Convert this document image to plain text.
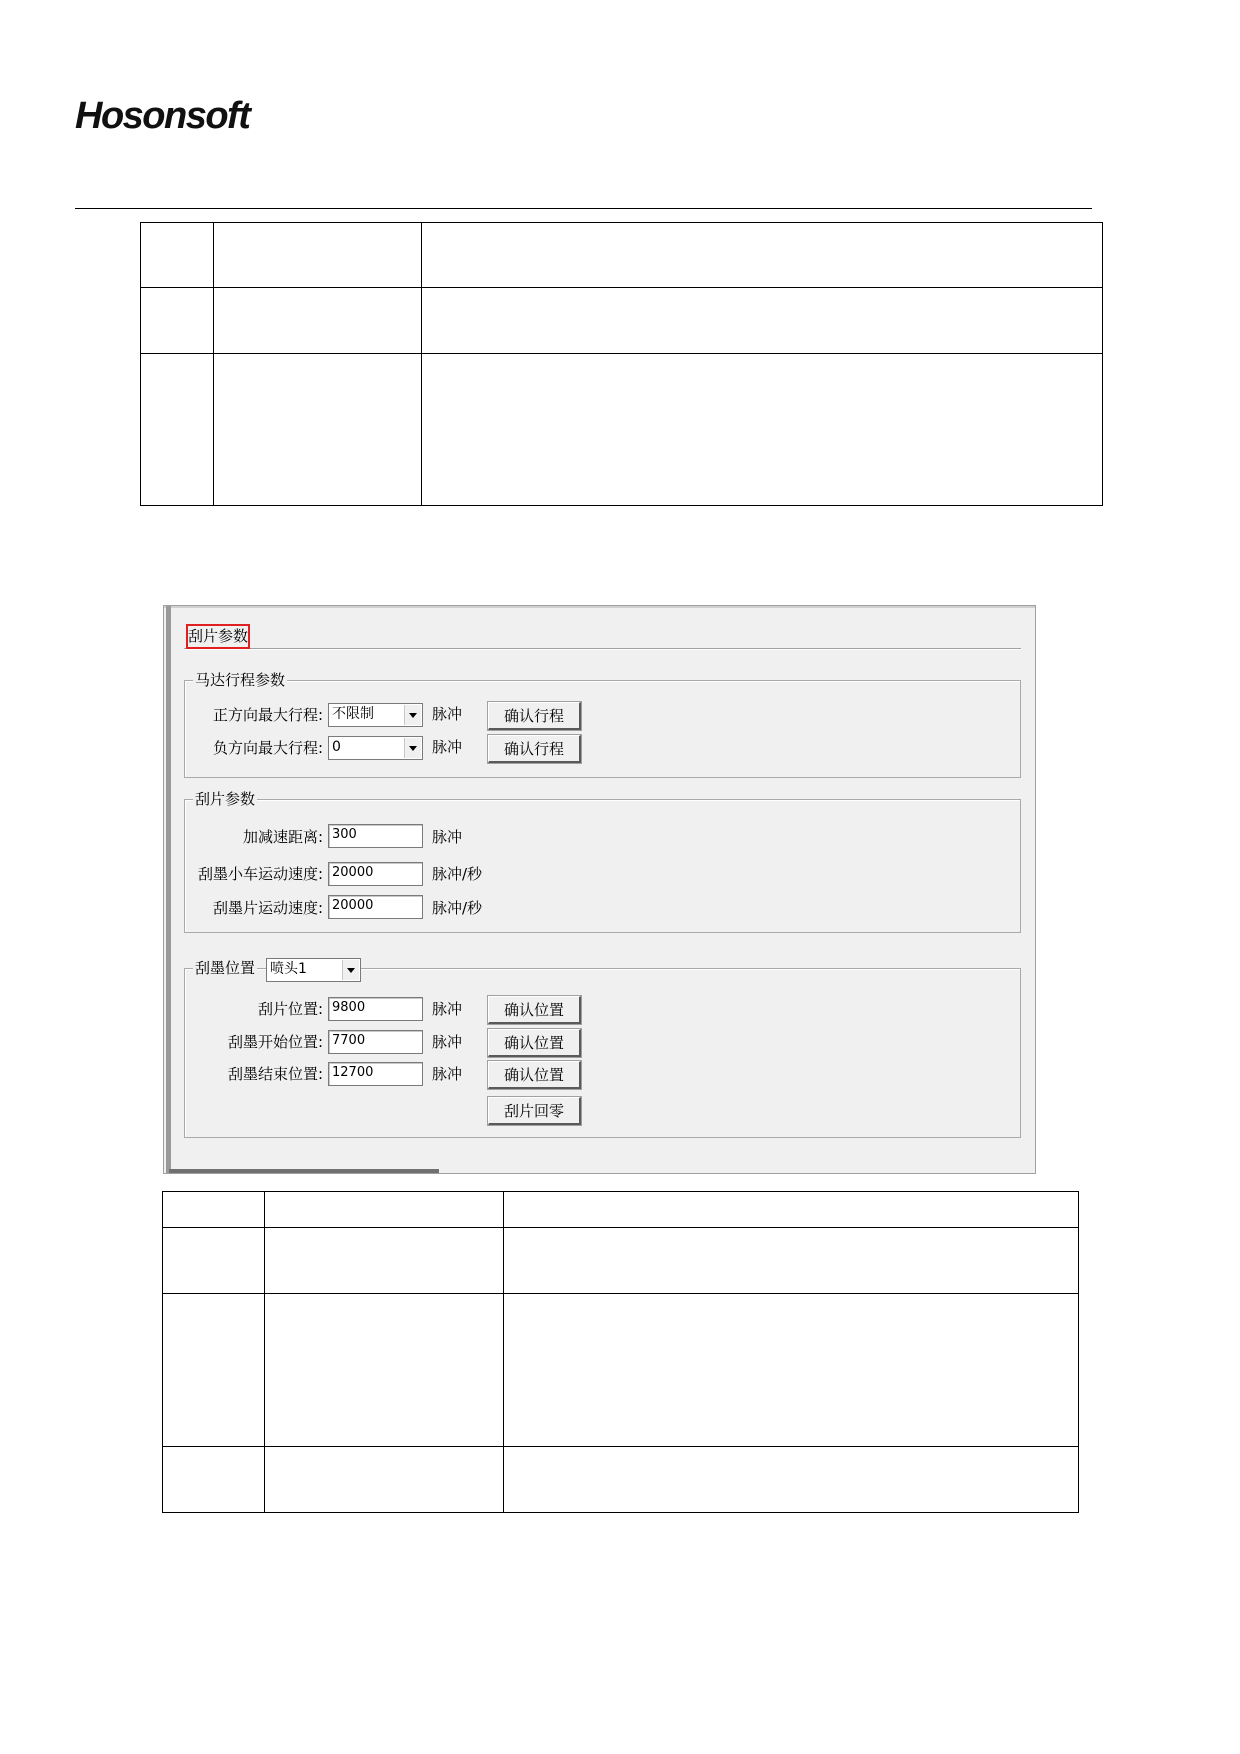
Hosonsoft

刮片参数
马达行程参数
正方向最大行程: 不限制	脉冲	确认行程
负方向最大行程: 0	脉冲	确认行程
刮片参数
加减速距离: 300	脉冲
刮墨小车运动速度: 20000	脉冲/秒
刮墨片运动速度: 20000	脉冲/秒
刮墨位置 喷头1
刮片位置: 9800	脉冲	确认位置
刮墨开始位置: 7700	脉冲	确认位置
刮墨结束位置: 12700	脉冲	确认位置
刮片回零
